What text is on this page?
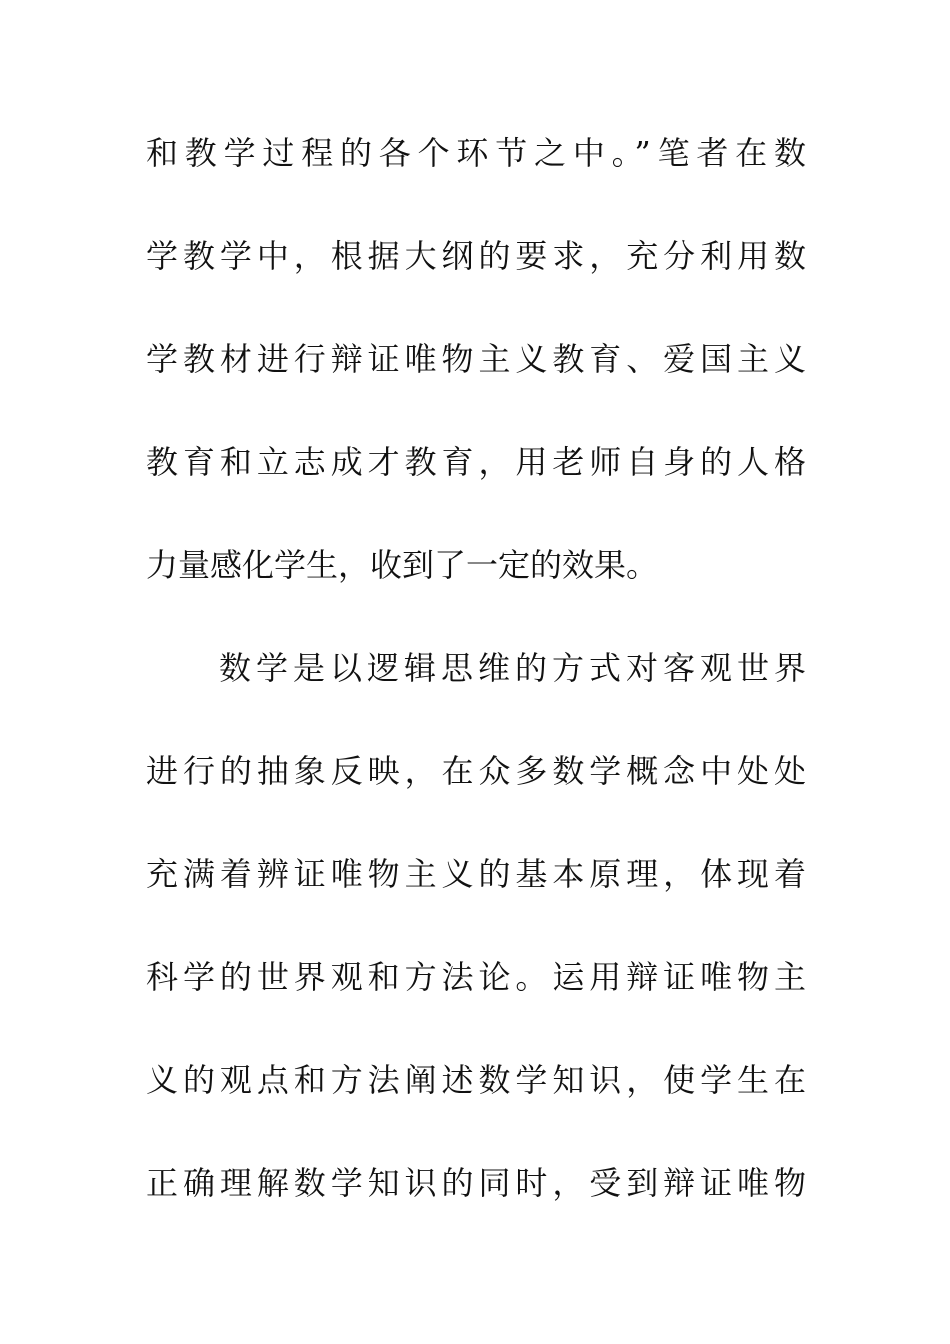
和教学过程的各个环节之中。”笔者在数
学教学中，根据大纲的要求，充分利用数
学教材进行辩证唯物主义教育、爱国主义
教育和立志成才教育，用老师自身的人格
力量感化学生，收到了一定的效果。
数学是以逻辑思维的方式对客观世界
进行的抽象反映，在众多数学概念中处处
充满着辨证唯物主义的基本原理，体现着
科学的世界观和方法论。运用辩证唯物主
义的观点和方法阐述数学知识，使学生在
正确理解数学知识的同时，受到辩证唯物
